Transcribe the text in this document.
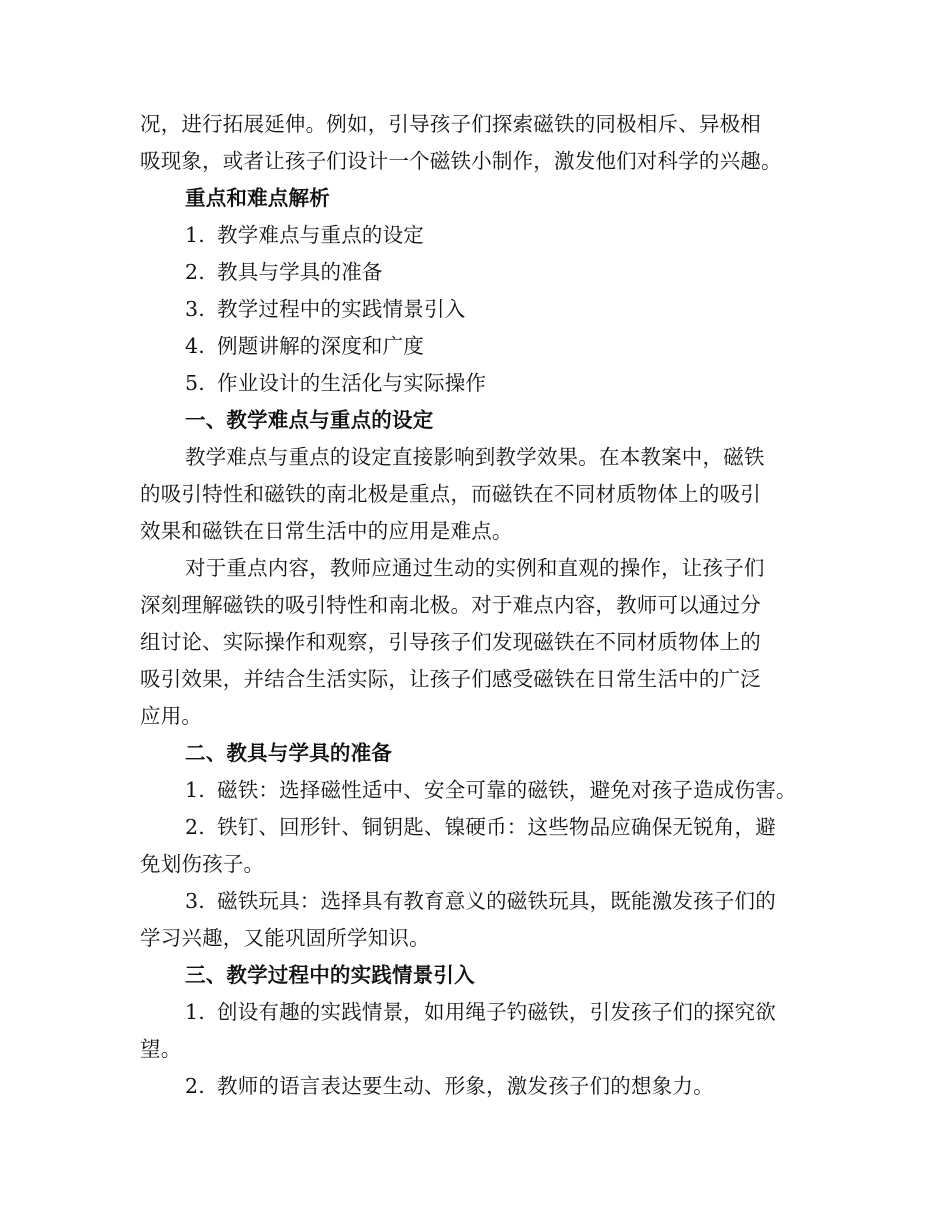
况，进行拓展延伸。例如，引导孩子们探索磁铁的同极相斥、异极相
吸现象，或者让孩子们设计一个磁铁小制作，激发他们对科学的兴趣。
重点和难点解析
1. 教学难点与重点的设定
2. 教具与学具的准备
3. 教学过程中的实践情景引入
4. 例题讲解的深度和广度
5. 作业设计的生活化与实际操作
一、教学难点与重点的设定
教学难点与重点的设定直接影响到教学效果。在本教案中，磁铁
的吸引特性和磁铁的南北极是重点，而磁铁在不同材质物体上的吸引
效果和磁铁在日常生活中的应用是难点。
对于重点内容，教师应通过生动的实例和直观的操作，让孩子们
深刻理解磁铁的吸引特性和南北极。对于难点内容，教师可以通过分
组讨论、实际操作和观察，引导孩子们发现磁铁在不同材质物体上的
吸引效果，并结合生活实际，让孩子们感受磁铁在日常生活中的广泛
应用。
二、教具与学具的准备
1. 磁铁：选择磁性适中、安全可靠的磁铁，避免对孩子造成伤害。
2. 铁钉、回形针、铜钥匙、镍硬币：这些物品应确保无锐角，避
免划伤孩子。
3. 磁铁玩具：选择具有教育意义的磁铁玩具，既能激发孩子们的
学习兴趣，又能巩固所学知识。
三、教学过程中的实践情景引入
1. 创设有趣的实践情景，如用绳子钓磁铁，引发孩子们的探究欲
望。
2. 教师的语言表达要生动、形象，激发孩子们的想象力。
